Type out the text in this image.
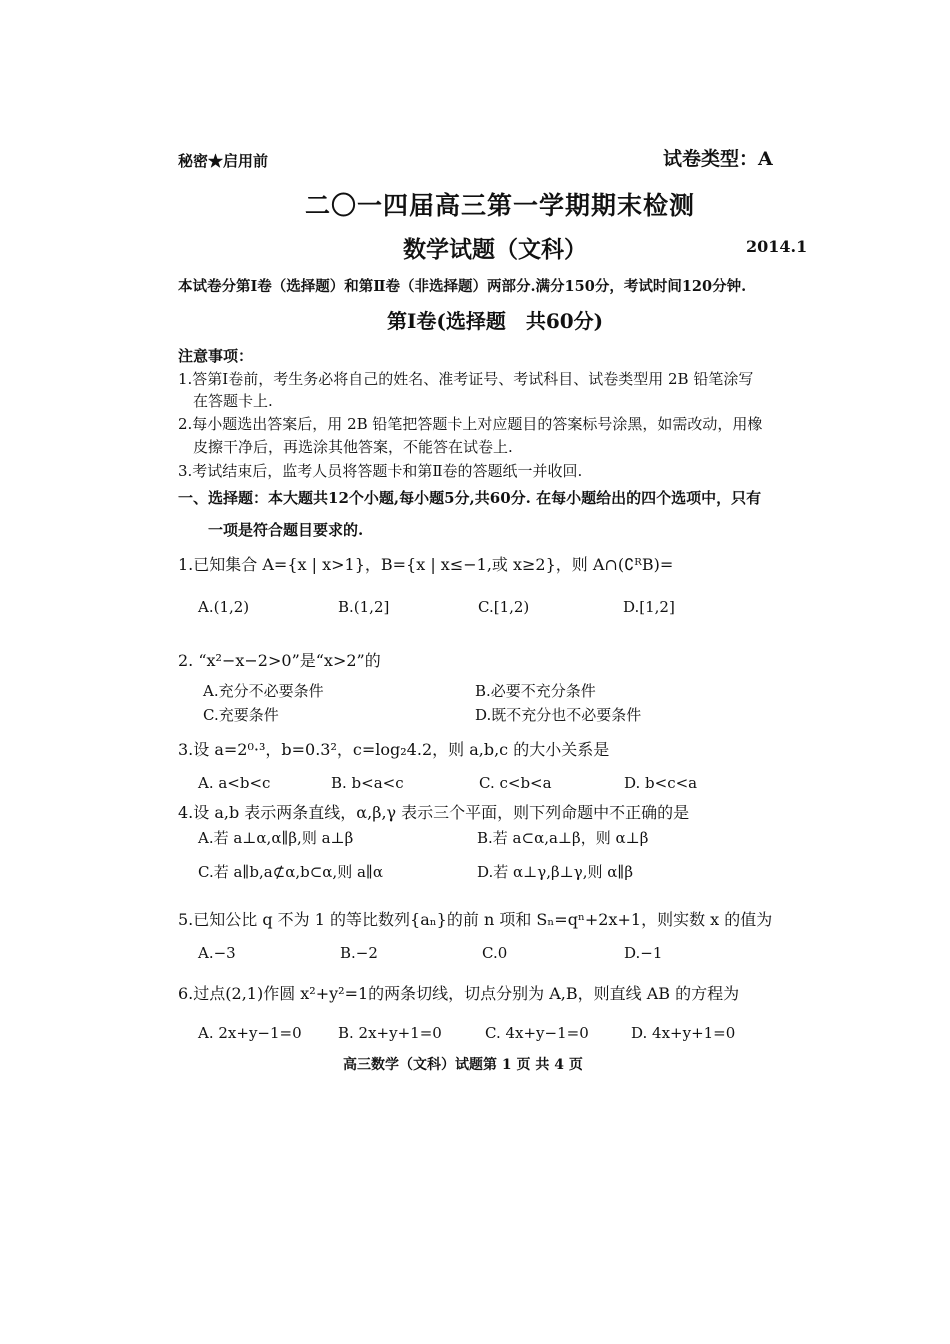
秘密★启用前	试卷类型：A
二〇一四届高三第一学期期末检测
数学试题（文科）	2014.1
本试卷分第Ⅰ卷（选择题）和第Ⅱ卷（非选择题）两部分.满分150分，考试时间120分钟.
第Ⅰ卷(选择题　共60分)
注意事项：
1.答第Ⅰ卷前，考生务必将自己的姓名、准考证号、考试科目、试卷类型用 2B 铅笔涂写
在答题卡上.
2.每小题选出答案后，用 2B 铅笔把答题卡上对应题目的答案标号涂黑，如需改动，用橡
皮擦干净后，再选涂其他答案，不能答在试卷上.
3.考试结束后，监考人员将答题卡和第Ⅱ卷的答题纸一并收回.
一、选择题：本大题共12个小题,每小题5分,共60分. 在每小题给出的四个选项中，只有
一项是符合题目要求的.
1.已知集合 A={x | x>1}，B={x | x≤−1,或 x≥2}，则 A∩(∁ᴿB)=
A.(1,2)	B.(1,2]	C.[1,2)	D.[1,2]
2. “x²−x−2>0”是“x>2”的
A.充分不必要条件	B.必要不充分条件
C.充要条件	D.既不充分也不必要条件
3.设 a=2⁰·³，b=0.3²，c=log₂4.2，则 a,b,c 的大小关系是
A. a<b<c	B. b<a<c	C. c<b<a	D. b<c<a
4.设 a,b 表示两条直线，α,β,γ 表示三个平面，则下列命题中不正确的是
A.若 a⊥α,α∥β,则 a⊥β	B.若 a⊂α,a⊥β，则 α⊥β
C.若 a∥b,a⊄α,b⊂α,则 a∥α	D.若 α⊥γ,β⊥γ,则 α∥β
5.已知公比 q 不为 1 的等比数列{aₙ}的前 n 项和 Sₙ=qⁿ+2x+1，则实数 x 的值为
A.−3	B.−2	C.0	D.−1
6.过点(2,1)作圆 x²+y²=1的两条切线，切点分别为 A,B，则直线 AB 的方程为
A. 2x+y−1=0	B. 2x+y+1=0	C. 4x+y−1=0	D. 4x+y+1=0
高三数学（文科）试题第 1 页 共 4 页
